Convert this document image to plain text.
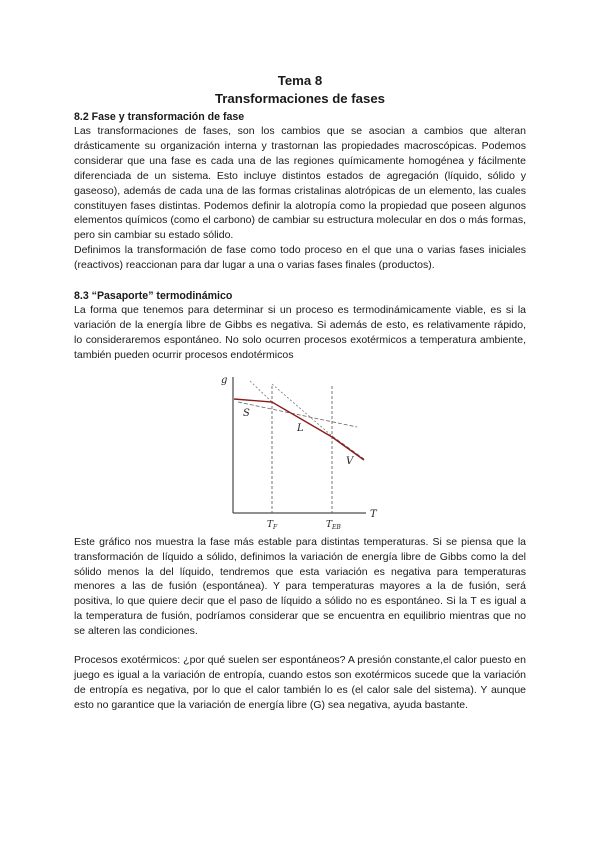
Tema 8

Transformaciones de fases

8.2 Fase y transformación de fase

Las transformaciones de fases, son los cambios que se asocian a cambios que alteran drásticamente su organización interna y trastornan las propiedades macroscópicas. Podemos considerar que una fase es cada una de las regiones químicamente homogénea y fácilmente diferenciada de un sistema. Esto incluye distintos estados de agregación (líquido, sólido y gaseoso), además de cada una de las formas cristalinas alotrópicas de un elemento, las cuales constituyen fases distintas. Podemos definir la alotropía como la propiedad que poseen algunos elementos químicos (como el carbono) de cambiar su estructura molecular en dos o más formas, pero sin cambiar su estado sólido.

Definimos la transformación de fase como todo proceso en el que una o varias fases iniciales (reactivos) reaccionan para dar lugar a una o varias fases finales (productos).

8.3 “Pasaporte” termodinámico

La forma que tenemos para determinar si un proceso es termodinámicamente viable, es si la variación de la energía libre de Gibbs es negativa. Si además de esto, es relativamente rápido, lo consideraremos espontáneo. No solo ocurren procesos exotérmicos a temperatura ambiente, también pueden ocurrir procesos endotérmicos

g
T
S
L
V
$T_F$	$T_{EB}$

Este gráfico nos muestra la fase más estable para distintas temperaturas. Si se piensa que la transformación de líquido a sólido, definimos la variación de energía libre de Gibbs como la del sólido menos la del líquido, tendremos que esta variación es negativa para temperaturas menores a las de fusión (espontánea). Y para temperaturas mayores a la de fusión, será positiva, lo que quiere decir que el paso de líquido a sólido no es espontáneo. Si la T es igual a la temperatura de fusión, podríamos considerar que se encuentra en equilibrio mientras que no se alteren las condiciones.

Procesos exotérmicos: ¿por qué suelen ser espontáneos? A presión constante,el calor puesto en juego es igual a la variación de entropía, cuando estos son exotérmicos sucede que la variación de entropía es negativa, por lo que el calor también lo es (el calor sale del sistema). Y aunque esto no garantice que la variación de energía libre (G) sea negativa, ayuda bastante.
